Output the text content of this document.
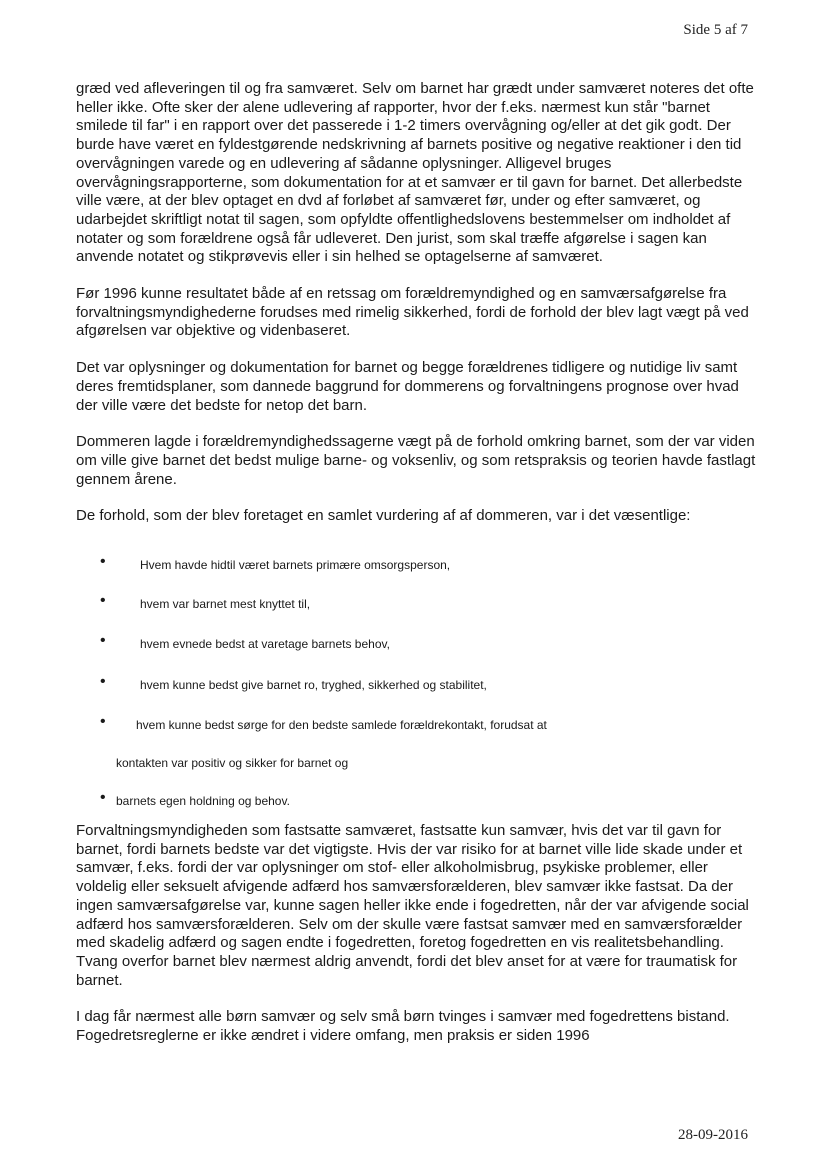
Side 5 af 7

græd ved afleveringen til og fra samværet. Selv om barnet har grædt under samværet noteres det ofte heller ikke. Ofte sker der alene udlevering af rapporter, hvor der f.eks. nærmest kun står "barnet smilede til far" i en rapport over det passerede i 1-2 timers overvågning og/eller at det gik godt. Der burde have været en fyldestgørende nedskrivning af barnets positive og negative reaktioner i den tid overvågningen varede og en udlevering af sådanne oplysninger. Alligevel bruges overvågningsrapporterne, som dokumentation for at et samvær er til gavn for barnet. Det allerbedste ville være, at der blev optaget en dvd af forløbet af samværet før, under og efter samværet, og udarbejdet skriftligt notat til sagen, som opfyldte offentlighedslovens bestemmelser om indholdet af notater og som forældrene også får udleveret. Den jurist, som skal træffe afgørelse i sagen kan anvende notatet og stikprøvevis eller i sin helhed se optagelserne af samværet.

Før 1996 kunne resultatet både af en retssag om forældremyndighed og en samværsafgørelse fra forvaltningsmyndighederne forudses med rimelig sikkerhed, fordi de forhold der blev lagt vægt på ved afgørelsen var objektive og videnbaseret.

Det var oplysninger og dokumentation for barnet og begge forældrenes tidligere og nutidige liv samt deres fremtidsplaner, som dannede baggrund for dommerens og forvaltningens prognose over hvad der ville være det bedste for netop det barn.

Dommeren lagde i forældremyndighedssagerne vægt på de forhold omkring barnet, som der var viden om ville give barnet det bedst mulige barne- og voksenliv, og som retspraksis og teorien havde fastlagt gennem årene.

De forhold, som der blev foretaget en samlet vurdering af af dommeren, var i det væsentlige:

•	Hvem havde hidtil været barnets primære omsorgsperson,
•	hvem var barnet mest knyttet til,
•	hvem evnede bedst at varetage barnets behov,
•	hvem kunne bedst give barnet ro, tryghed, sikkerhed og stabilitet,
•	hvem kunne bedst sørge for den bedste samlede forældrekontakt, forudsat at
kontakten var positiv og sikker for barnet og
• barnets egen holdning og behov.

Forvaltningsmyndigheden som fastsatte samværet, fastsatte kun samvær, hvis det var til gavn for barnet, fordi barnets bedste var det vigtigste. Hvis der var risiko for at barnet ville lide skade under et samvær, f.eks. fordi der var oplysninger om stof- eller alkoholmisbrug, psykiske problemer, eller voldelig eller seksuelt afvigende adfærd hos samværsforælderen, blev samvær ikke fastsat. Da der ingen samværsafgørelse var, kunne sagen heller ikke ende i fogedretten, når der var afvigende social adfærd hos samværsforælderen. Selv om der skulle være fastsat samvær med en samværsforælder med skadelig adfærd og sagen endte i fogedretten, foretog fogedretten en vis realitetsbehandling. Tvang overfor barnet blev nærmest aldrig anvendt, fordi det blev anset for at være for traumatisk for barnet.

I dag får nærmest alle børn samvær og selv små børn tvinges i samvær med fogedrettens bistand. Fogedretsreglerne er ikke ændret i videre omfang, men praksis er siden 1996

28-09-2016
